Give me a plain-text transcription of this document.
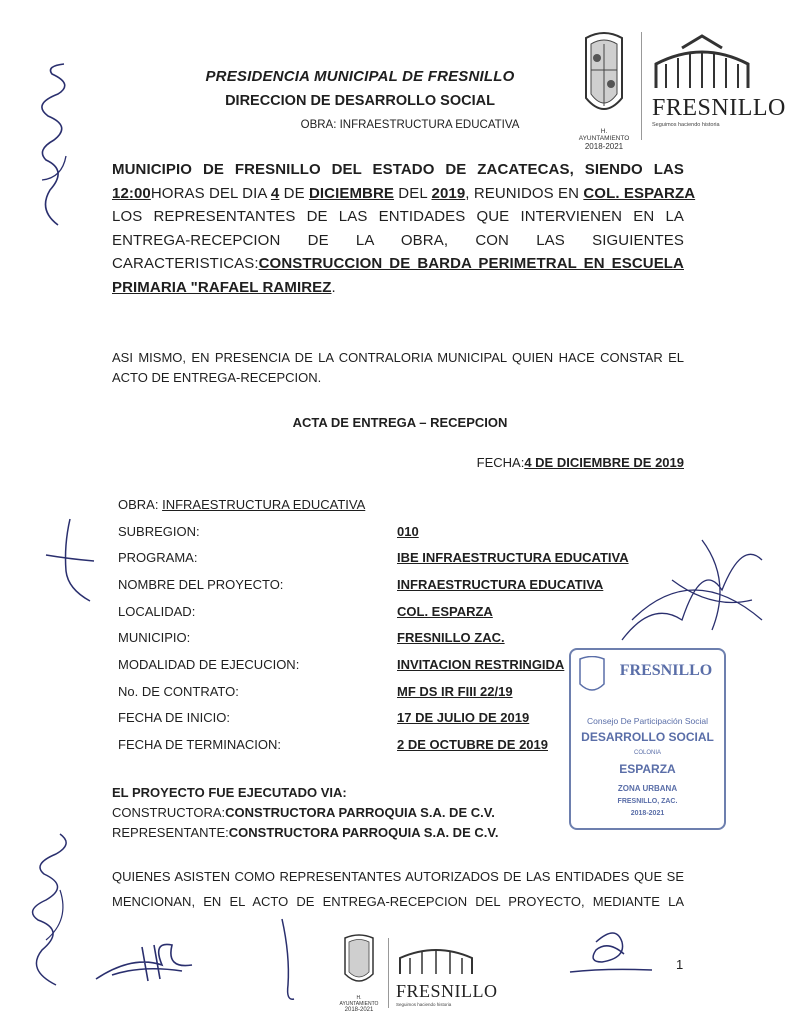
H. AYUNTAMIENTO
2018-2021
FRESNILLO
Seguimos haciendo historia
PRESIDENCIA MUNICIPAL DE FRESNILLO
DIRECCION DE DESARROLLO SOCIAL
OBRA: INFRAESTRUCTURA EDUCATIVA
MUNICIPIO DE FRESNILLO DEL ESTADO DE ZACATECAS, SIENDO LAS
12:00HORAS DEL DIA 4 DE DICIEMBRE DEL 2019, REUNIDOS EN COL. ESPARZA
LOS REPRESENTANTES DE LAS ENTIDADES QUE INTERVIENEN EN LA
ENTREGA-RECEPCION DE LA OBRA, CON LAS SIGUIENTES
CARACTERISTICAS:CONSTRUCCION DE BARDA PERIMETRAL EN ESCUELA
PRIMARIA "RAFAEL RAMIREZ.
ASI MISMO, EN PRESENCIA DE LA CONTRALORIA MUNICIPAL QUIEN HACE CONSTAR EL
ACTO DE ENTREGA-RECEPCION.
ACTA DE ENTREGA – RECEPCION
FECHA:4 DE DICIEMBRE DE 2019
OBRA: INFRAESTRUCTURA EDUCATIVA
SUBREGION:	010
PROGRAMA:	IBE INFRAESTRUCTURA EDUCATIVA
NOMBRE DEL PROYECTO:	INFRAESTRUCTURA EDUCATIVA
LOCALIDAD:	COL. ESPARZA
MUNICIPIO:	FRESNILLO ZAC.
MODALIDAD DE EJECUCION:	INVITACION RESTRINGIDA
No. DE CONTRATO:	MF DS IR FIII 22/19
FECHA DE INICIO:	17 DE JULIO DE 2019
FECHA DE TERMINACION:	2 DE OCTUBRE DE 2019
FRESNILLO
Consejo De Participación Social
DESARROLLO SOCIAL
COLONIA
ESPARZA
ZONA URBANA
FRESNILLO, ZAC.
2018-2021
EL PROYECTO FUE EJECUTADO VIA:
CONSTRUCTORA:CONSTRUCTORA PARROQUIA S.A. DE C.V.
REPRESENTANTE:CONSTRUCTORA PARROQUIA S.A. DE C.V.
QUIENES ASISTEN COMO REPRESENTANTES AUTORIZADOS DE LAS ENTIDADES QUE SE
MENCIONAN, EN EL ACTO DE ENTREGA-RECEPCION DEL PROYECTO, MEDIANTE LA
H. AYUNTAMIENTO
2018-2021
FRESNILLO
Seguimos haciendo historia
1
